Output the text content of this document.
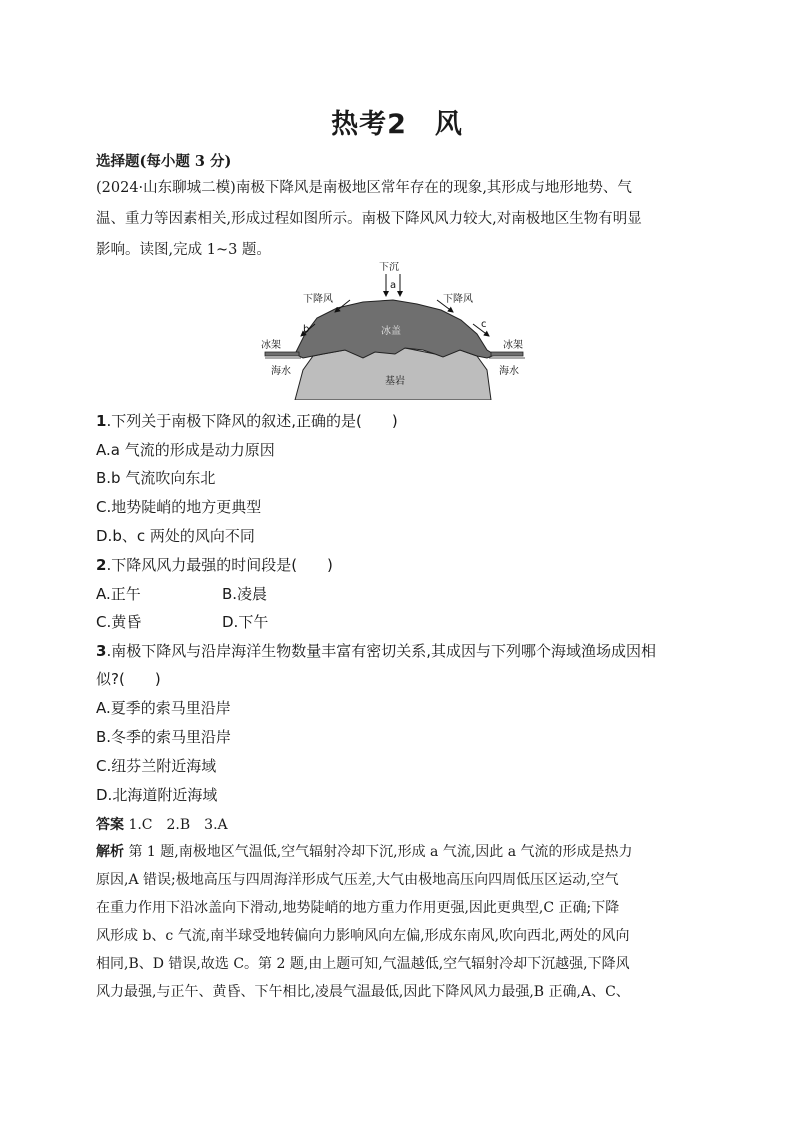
热考2　风
选择题(每小题 3 分)
(2024·山东聊城二模)南极下降风是南极地区常年存在的现象,其形成与地形地势、气
温、重力等因素相关,形成过程如图所示。南极下降风风力较大,对南极地区生物有明显
影响。读图,完成 1~3 题。
下沉
a
下降风	下降风
b	c
冰盖
冰架	冰架
海水	海水
基岩
1.下列关于南极下降风的叙述,正确的是(　　)
A.a 气流的形成是动力原因
B.b 气流吹向东北
C.地势陡峭的地方更典型
D.b、c 两处的风向不同
2.下降风风力最强的时间段是(　　)
A.正午	B.凌晨
C.黄昏	D.下午
3.南极下降风与沿岸海洋生物数量丰富有密切关系,其成因与下列哪个海域渔场成因相
似?(　　)
A.夏季的索马里沿岸
B.冬季的索马里沿岸
C.纽芬兰附近海域
D.北海道附近海域
答案 1.C　2.B　3.A
解析 第 1 题,南极地区气温低,空气辐射冷却下沉,形成 a 气流,因此 a 气流的形成是热力
原因,A 错误;极地高压与四周海洋形成气压差,大气由极地高压向四周低压区运动,空气
在重力作用下沿冰盖向下滑动,地势陡峭的地方重力作用更强,因此更典型,C 正确;下降
风形成 b、c 气流,南半球受地转偏向力影响风向左偏,形成东南风,吹向西北,两处的风向
相同,B、D 错误,故选 C。第 2 题,由上题可知,气温越低,空气辐射冷却下沉越强,下降风
风力最强,与正午、黄昏、下午相比,凌晨气温最低,因此下降风风力最强,B 正确,A、C、
